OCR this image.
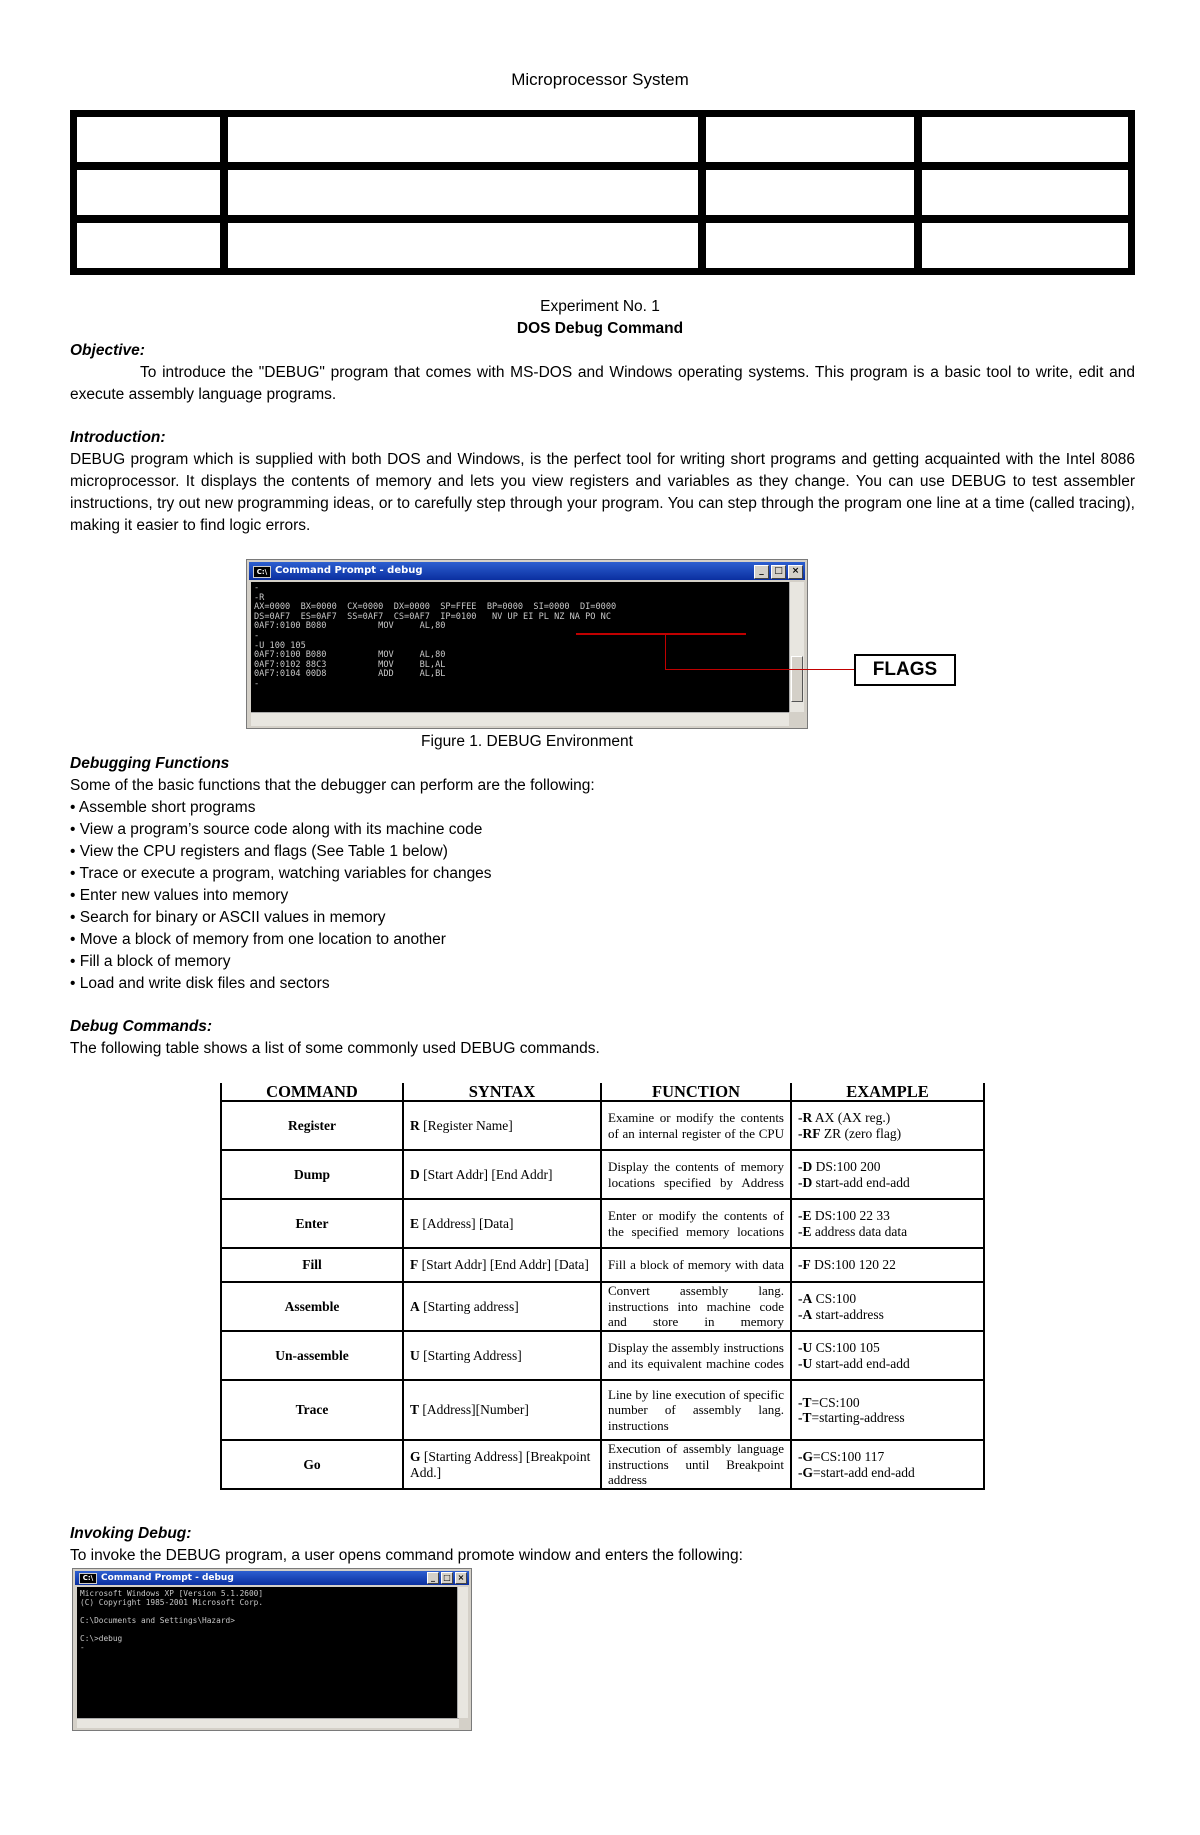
Microprocessor System
Experiment No. 1
DOS Debug Command
Objective:
To introduce the "DEBUG" program that comes with MS-DOS and Windows operating systems. This program is a basic tool to write, edit and execute assembly language programs.
Introduction:
DEBUG program which is supplied with both DOS and Windows, is the perfect tool for writing short programs and getting acquainted with the Intel 8086 microprocessor. It displays the contents of memory and lets you view registers and variables as they change. You can use DEBUG to test assembler instructions, try out new programming ideas, or to carefully step through your program. You can step through the program one line at a time (called tracing), making it easier to find logic errors.
C:\ Command Prompt - debug	_	□ ×
-
-R
AX=0000  BX=0000  CX=0000  DX=0000  SP=FFEE  BP=0000  SI=0000  DI=0000
DS=0AF7  ES=0AF7  SS=0AF7  CS=0AF7  IP=0100   NV UP EI PL NZ NA PO NC
0AF7:0100 B080          MOV     AL,80
-
-U 100 105
0AF7:0100 B080          MOV     AL,80
0AF7:0102 88C3          MOV     BL,AL
0AF7:0104 00D8          ADD     AL,BL
-
FLAGS
Figure 1. DEBUG Environment
Debugging Functions
Some of the basic functions that the debugger can perform are the following:
• Assemble short programs
• View a program’s source code along with its machine code
• View the CPU registers and flags (See Table 1 below)
• Trace or execute a program, watching variables for changes
• Enter new values into memory
• Search for binary or ASCII values in memory
• Move a block of memory from one location to another
• Fill a block of memory
• Load and write disk files and sectors
Debug Commands:
The following table shows a list of some commonly used DEBUG commands.
COMMAND	SYNTAX	FUNCTION	EXAMPLE
Register	R [Register Name]	Examine or modify the contents of an internal register of the CPU	-R AX (AX reg.)
-RF ZR (zero flag)

Dump	D [Start Addr] [End Addr]	Display the contents of memory locations specified by Address	-D DS:100 200
-D start-add end-add

Enter	E [Address] [Data]	Enter or modify the contents of the specified memory locations	-E DS:100 22 33
-E address data data

Fill	F [Start Addr] [End Addr] [Data]	Fill a block of memory with data	-F DS:100 120 22

Assemble	A [Starting address]	Convert assembly lang. instructions into machine code and store in memory	-A CS:100
-A start-address

Un-assemble	U [Starting Address]	Display the assembly instructions and its equivalent machine codes	-U CS:100 105
-U start-add end-add

Trace	T [Address][Number]	Line by line execution of specific number of assembly lang. instructions	-T=CS:100
-T=starting-address

Go	G [Starting Address] [Breakpoint Add.]	Execution of assembly language instructions until Breakpoint address	-G=CS:100 117
-G=start-add end-add
Invoking Debug:
To invoke the DEBUG program, a user opens command promote window and enters the following:
C:\ Command Prompt - debug	_	□ ×
Microsoft Windows XP [Version 5.1.2600]
(C) Copyright 1985-2001 Microsoft Corp.

C:\Documents and Settings\Hazard>

C:\>debug
-
